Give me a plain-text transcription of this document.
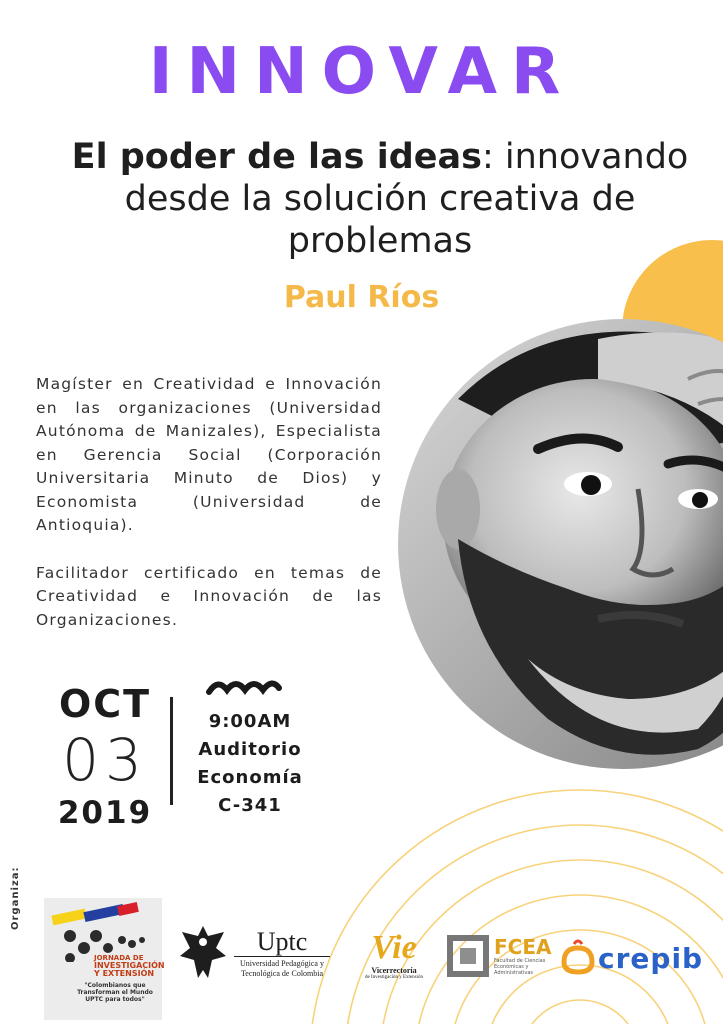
INNOVAR
El poder de las ideas: innovando desde la solución creativa de problemas
Paul Ríos

Magíster en Creatividad e Innovación en las organizaciones (Universidad Autónoma de Manizales), Especialista en Gerencia Social (Corporación Universitaria Minuto de Dios) y Economista (Universidad de Antioquia).

Facilitador certificado en temas de Creatividad e Innovación de las Organizaciones.

OCT
03
2019
9:00AM
Auditorio
Economía
C-341
Organiza:
JORNADA DE
INVESTIGACIÓN
Y EXTENSIÓN
"Colombianos que Transforman el Mundo UPTC para todos"
Uptc
Universidad Pedagógica y
Tecnológica de Colombia
Vie
Vicerrectoría
de Investigación y Extensión
FCEA
Facultad de Ciencias
Económicas y Administrativas	crepib
